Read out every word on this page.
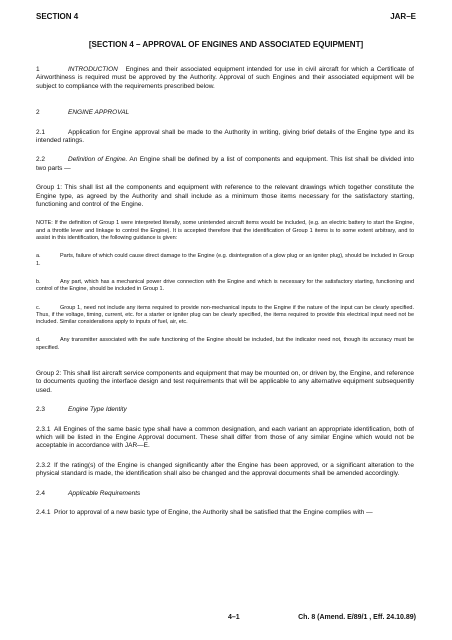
SECTION 4	JAR–E
[SECTION 4 – APPROVAL OF ENGINES AND ASSOCIATED EQUIPMENT]

1	INTRODUCTION Engines and their associated equipment intended for use in civil aircraft for which a Certificate of Airworthiness is required must be approved by the Authority. Approval of such Engines and their associated equipment will be subject to compliance with the requirements prescribed below.

2	ENGINE APPROVAL

2.1	Application for Engine approval shall be made to the Authority in writing, giving brief details of the Engine type and its intended ratings.

2.2	Definition of Engine. An Engine shall be defined by a list of components and equipment. This list shall be divided into two parts —

Group 1: This shall list all the components and equipment with reference to the relevant drawings which together constitute the Engine type, as agreed by the Authority and shall include as a minimum those items necessary for the satisfactory starting, functioning and control of the Engine.

NOTE: If the definition of Group 1 were interpreted literally, some unintended aircraft items would be included, (e.g. an electric battery to start the Engine, and a throttle lever and linkage to control the Engine). It is accepted therefore that the identification of Group 1 items is to some extent arbitrary, and to assist in this identification, the following guidance is given:

a.	Parts, failure of which could cause direct damage to the Engine (e.g. disintegration of a glow plug or an igniter plug), should be included in Group 1.

b.	Any part, which has a mechanical power drive connection with the Engine and which is necessary for the satisfactory starting, functioning and control of the Engine, should be included in Group 1.

c.	Group 1, need not include any items required to provide non-mechanical inputs to the Engine if the nature of the input can be clearly specified. Thus, if the voltage, timing, current, etc. for a starter or igniter plug can be clearly specified, the items required to provide this electrical input need not be included. Similar considerations apply to inputs of fuel, air, etc.

d.	Any transmitter associated with the safe functioning of the Engine should be included, but the indicator need not, though its accuracy must be specified.

Group 2: This shall list aircraft service components and equipment that may be mounted on, or driven by, the Engine, and reference to documents quoting the interface design and test requirements that will be applicable to any alternative equipment subsequently used.

2.3	Engine Type Identity

2.3.1 All Engines of the same basic type shall have a common designation, and each variant an appropriate identification, both of which will be listed in the Engine Approval document. These shall differ from those of any similar Engine which would not be acceptable in accordance with JAR—E.

2.3.2 If the rating(s) of the Engine is changed significantly after the Engine has been approved, or a significant alteration to the physical standard is made, the identification shall also be changed and the approval documents shall be amended accordingly.

2.4	Applicable Requirements

2.4.1 Prior to approval of a new basic type of Engine, the Authority shall be satisfied that the Engine complies with —

4–1	Ch. 8 (Amend. E/89/1 , Eff. 24.10.89)
